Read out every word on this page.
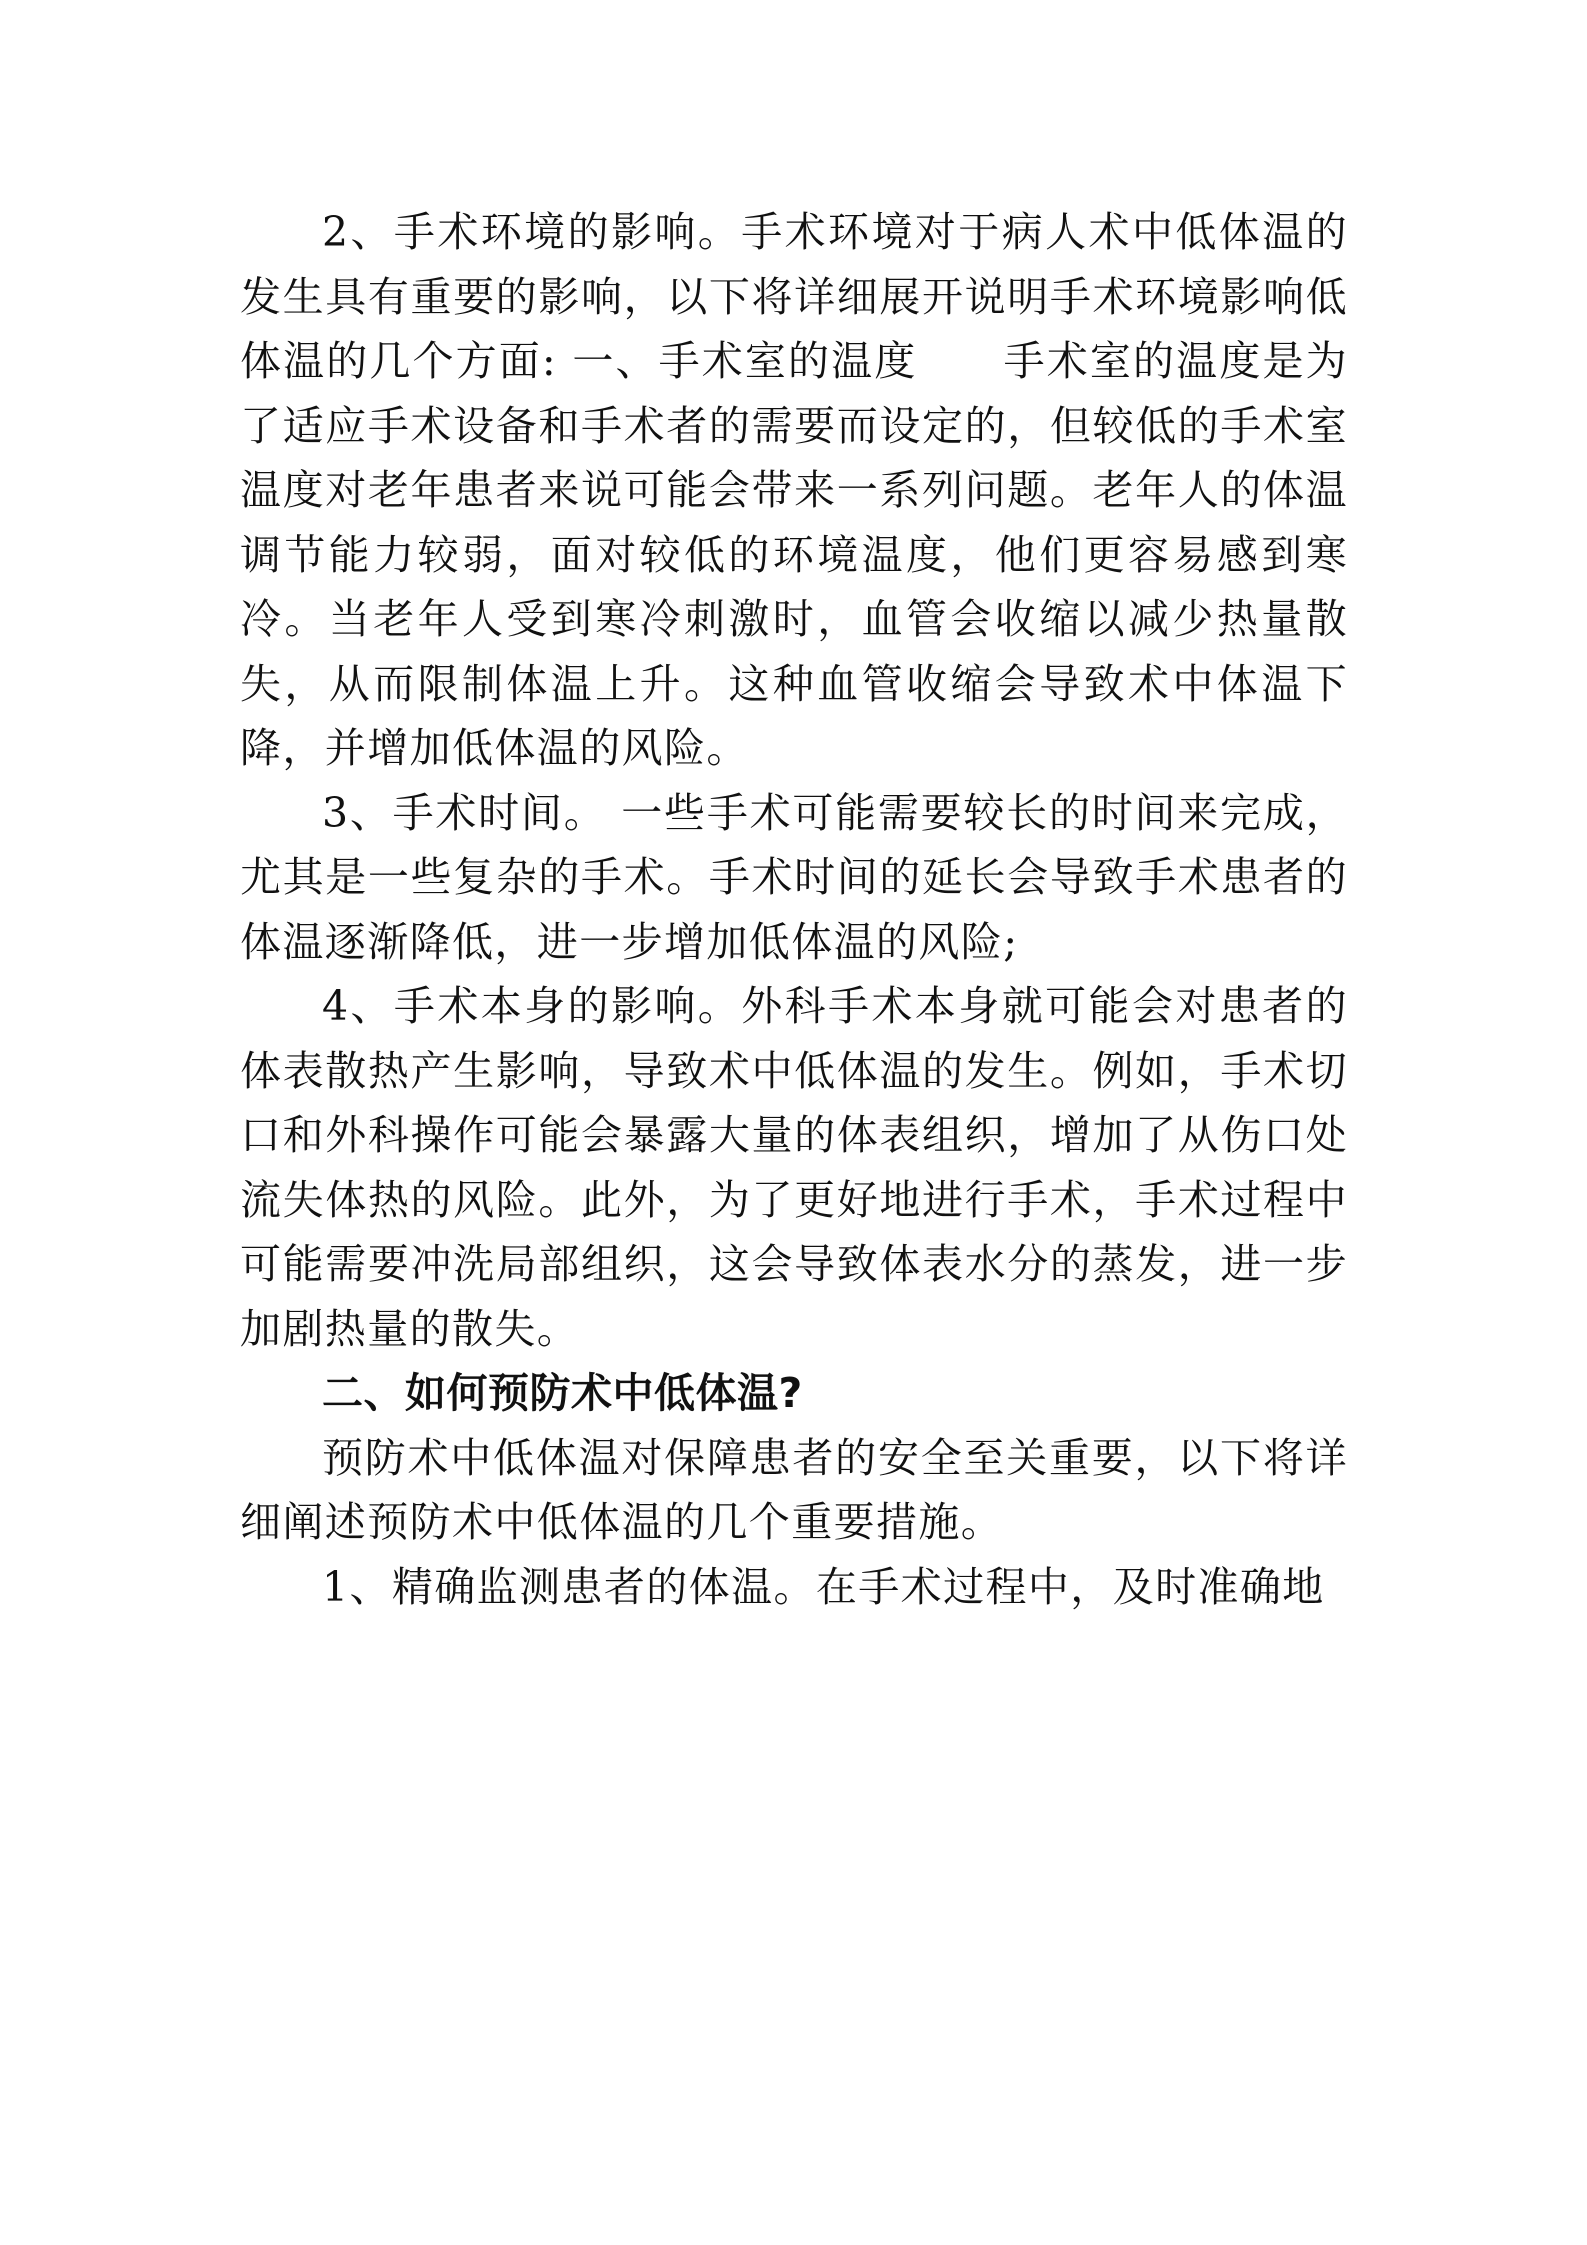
2、手术环境的影响。手术环境对于病人术中低体温的发生具有重要的影响，以下将详细展开说明手术环境影响低体温的几个方面: 一、手术室的温度　　手术室的温度是为了适应手术设备和手术者的需要而设定的，但较低的手术室温度对老年患者来说可能会带来一系列问题。老年人的体温调节能力较弱，面对较低的环境温度，他们更容易感到寒冷。当老年人受到寒冷刺激时，血管会收缩以减少热量散失，从而限制体温上升。这种血管收缩会导致术中体温下降，并增加低体温的风险。

3、手术时间。 一些手术可能需要较长的时间来完成，尤其是一些复杂的手术。手术时间的延长会导致手术患者的体温逐渐降低，进一步增加低体温的风险;

4、手术本身的影响。外科手术本身就可能会对患者的体表散热产生影响，导致术中低体温的发生。例如，手术切口和外科操作可能会暴露大量的体表组织，增加了从伤口处流失体热的风险。此外，为了更好地进行手术，手术过程中可能需要冲洗局部组织，这会导致体表水分的蒸发，进一步加剧热量的散失。

二、如何预防术中低体温?

预防术中低体温对保障患者的安全至关重要，以下将详细阐述预防术中低体温的几个重要措施。

1、精确监测患者的体温。在手术过程中，及时准确地
